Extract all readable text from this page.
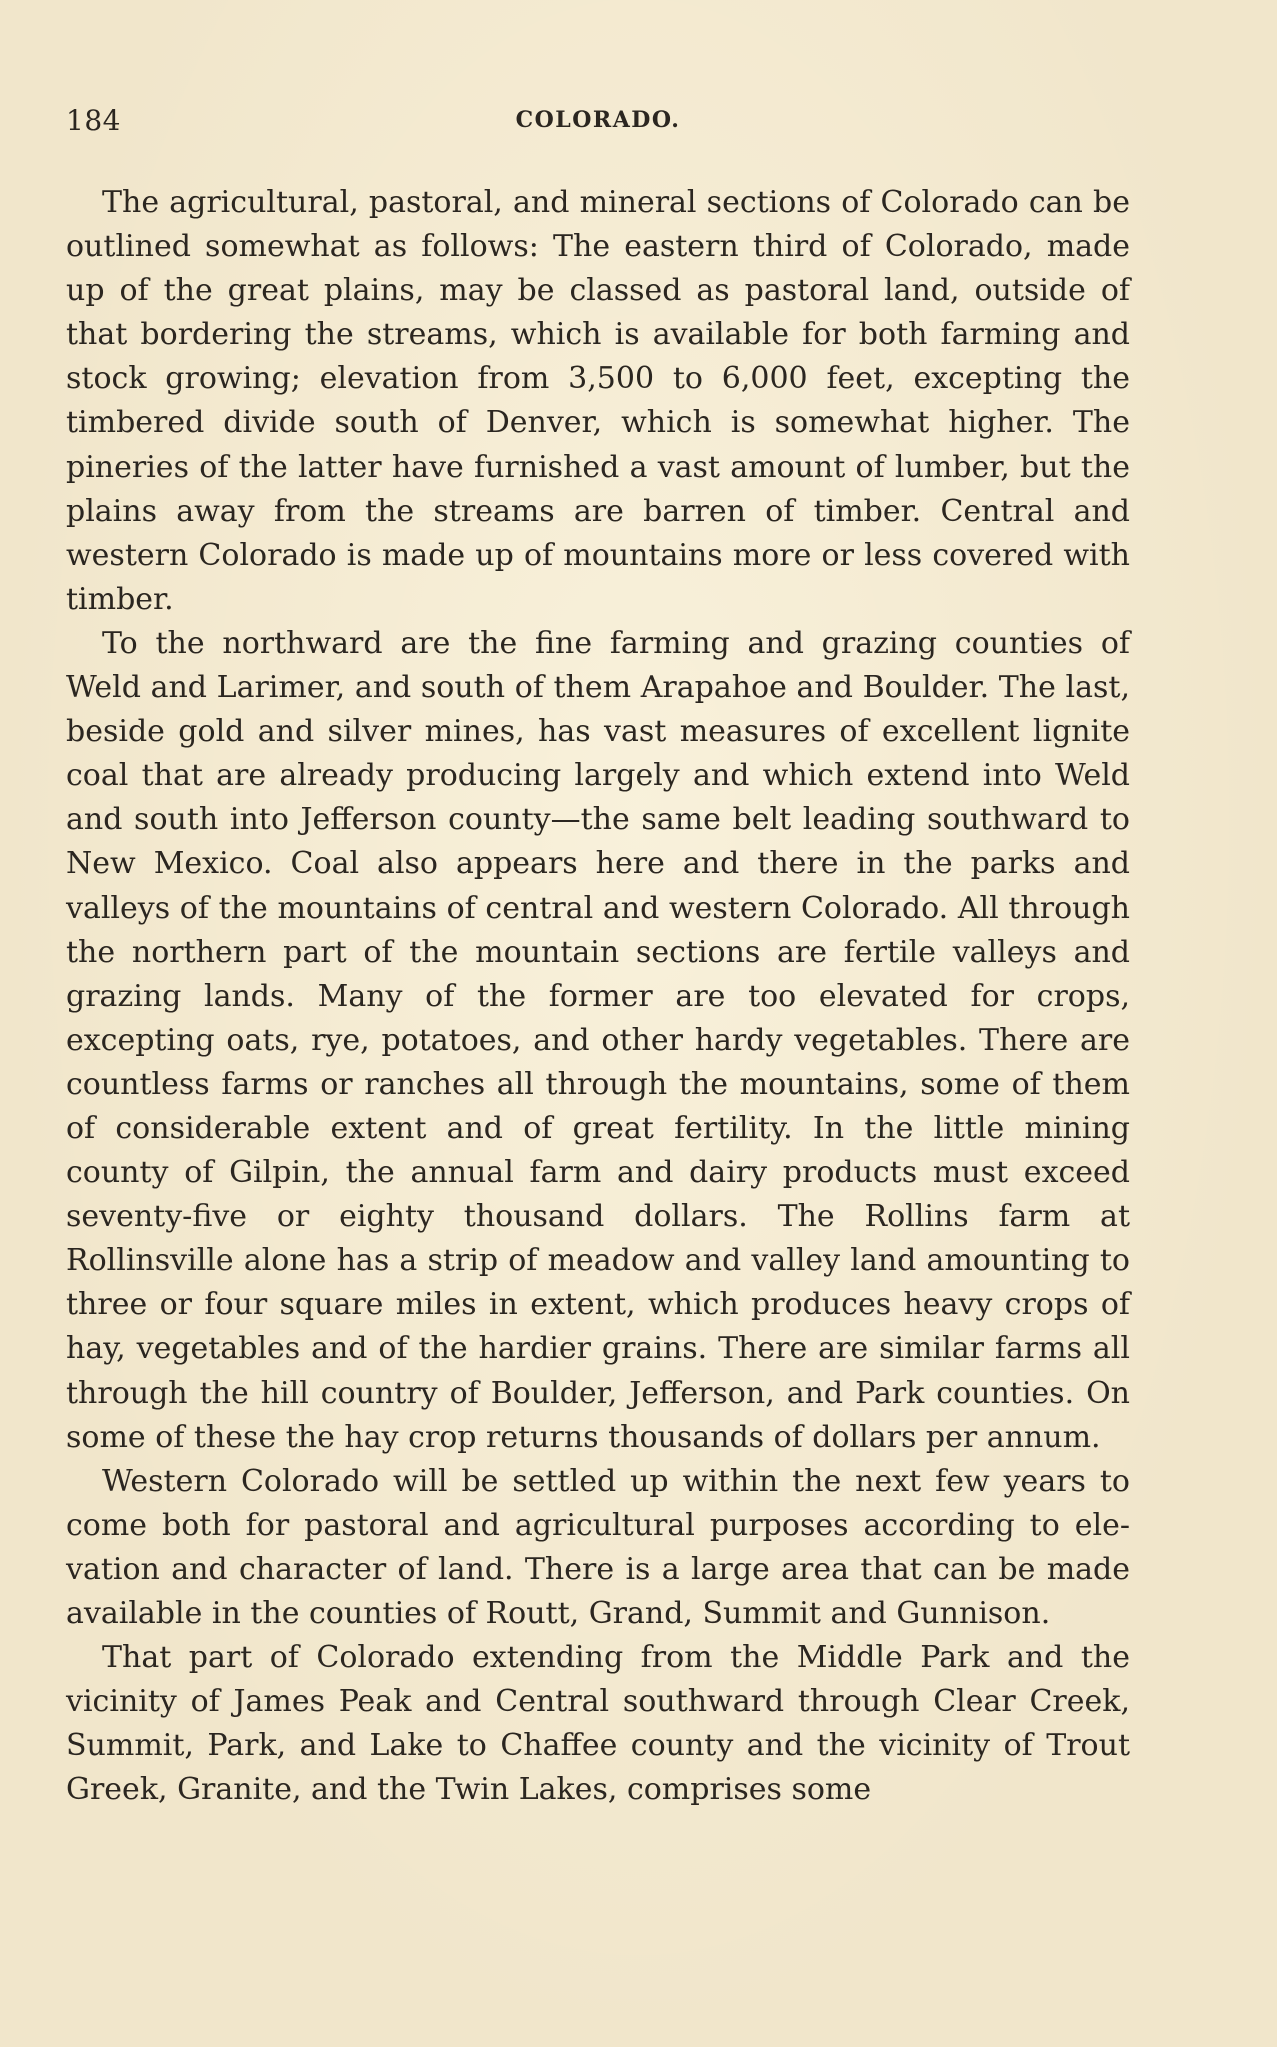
184	COLORADO.

The agricultural, pastoral, and mineral sections of Colorado can be outlined somewhat as follows: The eastern third of Colorado, made up of the great plains, may be classed as pastoral land, outside of that bordering the streams, which is available for both farming and stock growing; elevation from 3,500 to 6,000 feet, excepting the timbered divide south of Denver, which is somewhat higher. The pineries of the latter have furnished a vast amount of lumber, but the plains away from the streams are barren of timber. Central and western Colorado is made up of mountains more or less covered with timber.

To the northward are the fine farming and grazing counties of Weld and Larimer, and south of them Arapahoe and Boulder. The last, beside gold and silver mines, has vast measures of excellent lignite coal that are already producing largely and which extend into Weld and south into Jefferson county—the same belt leading southward to New Mexico. Coal also appears here and there in the parks and valleys of the mountains of central and western Colorado. All through the northern part of the mountain sections are fertile valleys and grazing lands. Many of the former are too elevated for crops, excepting oats, rye, potatoes, and other hardy vegetables. There are countless farms or ranches all through the mountains, some of them of considerable extent and of great fertility. In the little mining county of Gilpin, the annual farm and dairy products must exceed seventy-five or eighty thousand dollars. The Rollins farm at Rollinsville alone has a strip of meadow and valley land amounting to three or four square miles in extent, which produces heavy crops of hay, vegetables and of the hardier grains. There are similar farms all through the hill country of Boulder, Jefferson, and Park counties. On some of these the hay crop returns thousands of dollars per annum.

Western Colorado will be settled up within the next few years to come both for pastoral and agricultural purposes according to elevation and character of land. There is a large area that can be made available in the counties of Routt, Grand, Summit and Gunnison.

That part of Colorado extending from the Middle Park and the vicinity of James Peak and Central southward through Clear Creek, Summit, Park, and Lake to Chaffee county and the vicinity of Trout Greek, Granite, and the Twin Lakes, comprises some
